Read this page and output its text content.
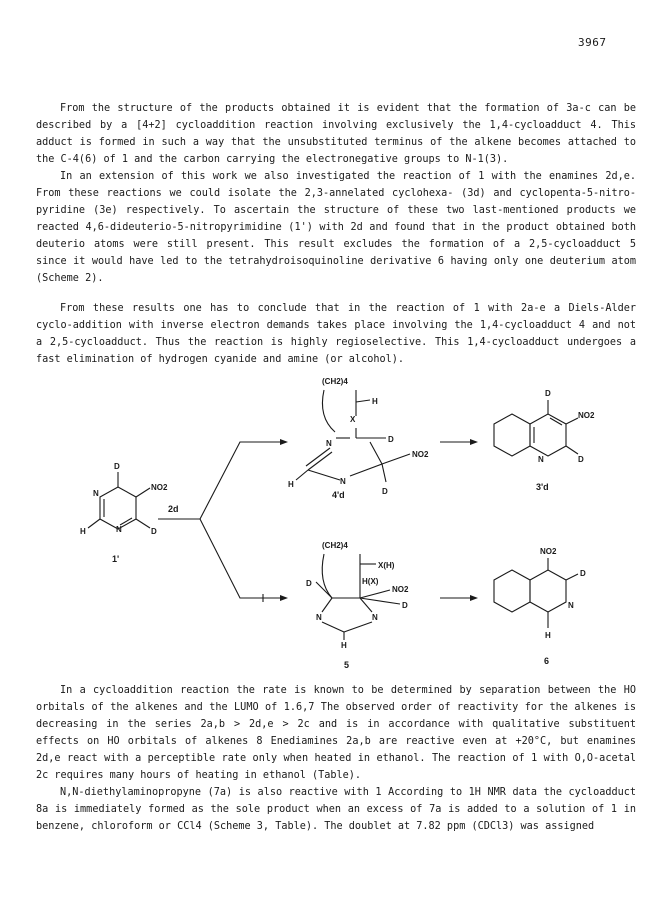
3967

From the structure of the products obtained it is evident that the formation of 3a-c can be described by a [4+2] cycloaddition reaction involving exclusively the 1,4-cycloadduct 4. This adduct is formed in such a way that the unsubstituted terminus of the alkene becomes attached to the C-4(6) of 1 and the carbon carrying the electronegative groups to N-1(3).

In an extension of this work we also investigated the reaction of 1 with the enamines 2d,e. From these reactions we could isolate the 2,3-annelated cyclohexa- (3d) and cyclopenta-5-nitro-pyridine (3e) respectively. To ascertain the structure of these two last-mentioned products we reacted 4,6-dideuterio-5-nitropyrimidine (1') with 2d and found that in the product obtained both deuterio atoms were still present. This result excludes the formation of a 2,5-cycloadduct 5 since it would have led to the tetrahydroisoquinoline derivative 6 having only one deuterium atom (Scheme 2).

From these results one has to conclude that in the reaction of 1 with 2a-e a Diels-Alder cyclo-addition with inverse electron demands takes place involving the 1,4-cycloadduct 4 and not a 2,5-cycloadduct. Thus the reaction is highly regioselective. This 1,4-cycloadduct undergoes a fast elimination of hydrogen cyanide and amine (or alcohol).

D
N
N
NO2
D
H
1'
2d
(CH2)4
H
X
D
N
N
NO2
D
H
4'd
D
NO2
N	D
3'd
(CH2)4
X(H)
H(X)
D
NO2
D
N	N
H
5
NO2
D
N
H
6

In a cycloaddition reaction the rate is known to be determined by separation between the HO orbitals of the alkenes and the LUMO of 1.6,7 The observed order of reactivity for the alkenes is decreasing in the series 2a,b > 2d,e > 2c and is in accordance with qualitative substituent effects on HO orbitals of alkenes 8 Enediamines 2a,b are reactive even at +20°C, but enamines 2d,e react with a perceptible rate only when heated in ethanol. The reaction of 1 with O,O-acetal 2c requires many hours of heating in ethanol (Table).

N,N-diethylaminopropyne (7a) is also reactive with 1 According to 1H NMR data the cycloadduct 8a is immediately formed as the sole product when an excess of 7a is added to a solution of 1 in benzene, chloroform or CCl4 (Scheme 3, Table). The doublet at 7.82 ppm (CDCl3) was assigned
